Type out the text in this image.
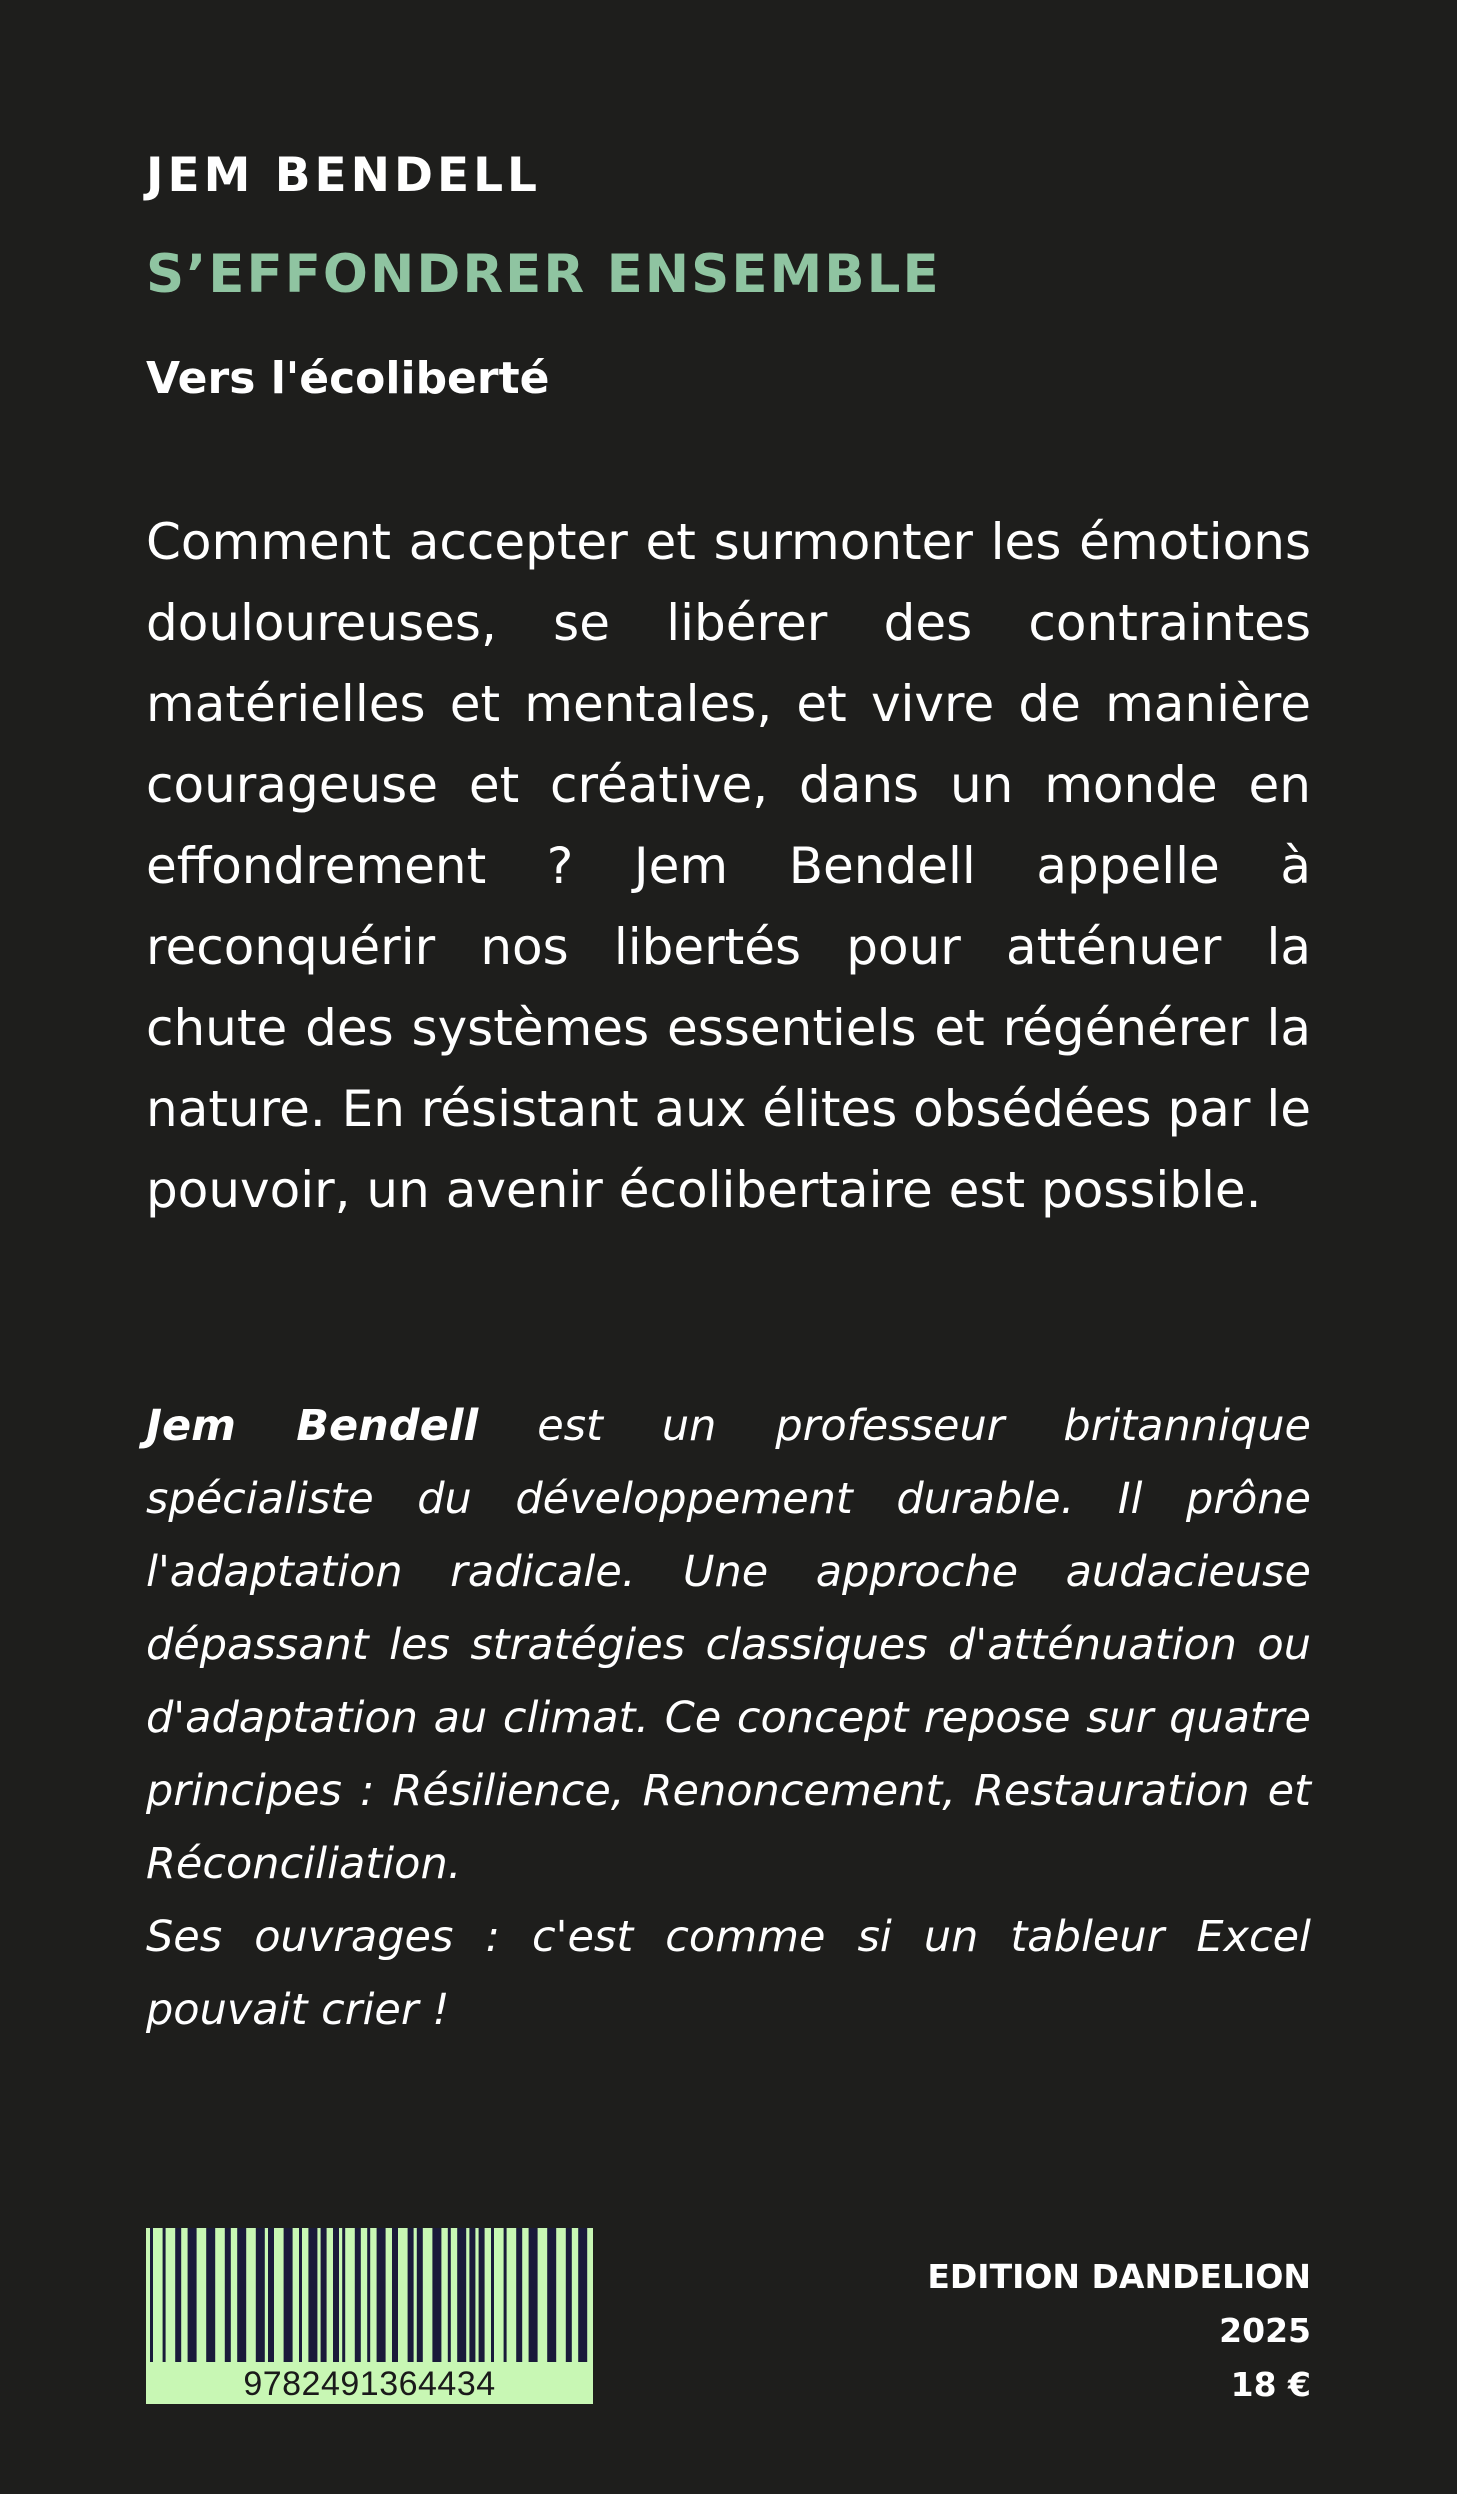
JEM BENDELL
S’EFFONDRER ENSEMBLE
Vers l'écoliberté

Comment accepter et surmonter les émotions douloureuses, se libérer des contraintes matérielles et mentales, et vivre de manière courageuse et créative, dans un monde en effondrement ? Jem Bendell appelle à reconquérir nos libertés pour atténuer la chute des systèmes essentiels et régénérer la nature. En résistant aux élites obsédées par le pouvoir, un avenir écolibertaire est possible.

Jem Bendell est un professeur britannique spécialiste du développement durable. Il prône l'adaptation radicale. Une approche audacieuse dépassant les stratégies classiques d'atténuation ou d'adaptation au climat. Ce concept repose sur quatre principes : Résilience, Renoncement, Restauration et Réconciliation.

Ses ouvrages : c'est comme si un tableur Excel pouvait crier !

9782491364434
EDITION DANDELION
2025
18 €
